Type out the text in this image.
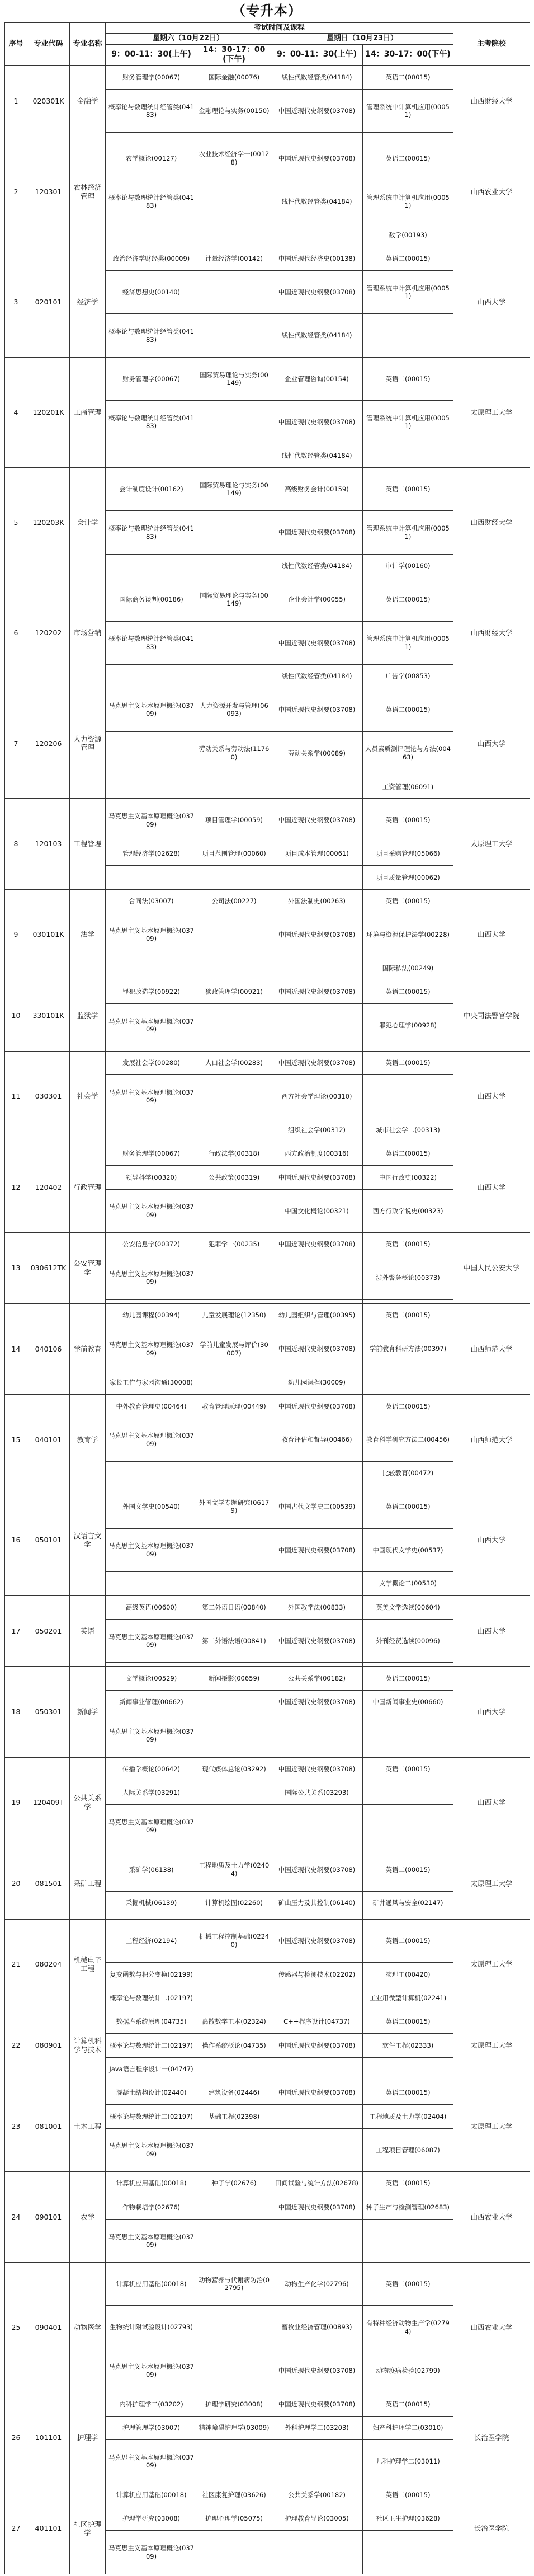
（专升本）
序号	专业代码	专业名称	考试时间及课程				主考院校
			星期六（10月22日）		星期日（10月23日）		
			9：00-11：30(上午)	14：30-17：00(下午)	9：00-11：30(上午)	14：30-17：00(下午)	
1	020301K	金融学	财务管理学(00067)	国际金融(00076)	线性代数经管类(04184)	英语二(00015)	山西财经大学
			概率论与数理统计经管类(04183)	金融理论与实务(00150)	中国近现代史纲要(03708)	管理系统中计算机应用(00051)	

2	120301	农林经济管理	农学概论(00127)	农业技术经济学一(00128)	中国近现代史纲要(03708)	英语二(00015)	山西农业大学
			概率论与数理统计经管类(04183)		线性代数经管类(04184)	管理系统中计算机应用(00051)	
						数学(00193)	
3	020101	经济学	政治经济学财经类(00009)	计量经济学(00142)	中国近现代经济史(00138)	英语二(00015)	山西大学
			经济思想史(00140)		中国近现代史纲要(03708)	管理系统中计算机应用(00051)	
			概率论与数理统计经管类(04183)		线性代数经管类(04184)		
4	120201K	工商管理	财务管理学(00067)	国际贸易理论与实务(00149)	企业管理咨询(00154)	英语二(00015)	太原理工大学
			概率论与数理统计经管类(04183)		中国近现代史纲要(03708)	管理系统中计算机应用(00051)	
					线性代数经管类(04184)		
5	120203K	会计学	会计制度设计(00162)	国际贸易理论与实务(00149)	高级财务会计(00159)	英语二(00015)	山西财经大学
			概率论与数理统计经管类(04183)		中国近现代史纲要(03708)	管理系统中计算机应用(00051)	
					线性代数经管类(04184)	审计学(00160)	
6	120202	市场营销	国际商务谈判(00186)	国际贸易理论与实务(00149)	企业会计学(00055)	英语二(00015)	山西财经大学
			概率论与数理统计经管类(04183)		中国近现代史纲要(03708)	管理系统中计算机应用(00051)	
					线性代数经管类(04184)	广告学(00853)	
7	120206	人力资源管理	马克思主义基本原理概论(03709)	人力资源开发与管理(06093)	中国近现代史纲要(03708)	英语二(00015)	山西大学
				劳动关系与劳动法(11760)	劳动关系学(00089)	人员素质测评理论与方法(00463)	
						工资管理(06091)	
8	120103	工程管理	马克思主义基本原理概论(03709)	项目管理学(00059)	中国近现代史纲要(03708)	英语二(00015)	太原理工大学
			管理经济学(02628)	项目范围管理(00060)	项目成本管理(00061)	项目采购管理(05066)	
						项目质量管理(00062)	
9	030101K	法学	合同法(03007)	公司法(00227)	外国法制史(00263)	英语二(00015)	山西大学
			马克思主义基本原理概论(03709)		中国近现代史纲要(03708)	环境与资源保护法学(00228)	
						国际私法(00249)	
10	330101K	监狱学	罪犯改造学(00922)	狱政管理学(00921)	中国近现代史纲要(03708)	英语二(00015)	中央司法警官学院
			马克思主义基本原理概论(03709)			罪犯心理学(00928)	

11	030301	社会学	发展社会学(00280)	人口社会学(00283)	中国近现代史纲要(03708)	英语二(00015)	山西大学
			马克思主义基本原理概论(03709)		西方社会学理论(00310)		
					组织社会学(00312)	城市社会学二(00313)	
12	120402	行政管理	财务管理学(00067)	行政法学(00318)	西方政治制度(00316)	英语二(00015)	山西大学
			领导科学(00320)	公共政策(00319)	中国近现代史纲要(03708)	中国行政史(00322)	
			马克思主义基本原理概论(03709)		中国文化概论(00321)	西方行政学说史(00323)	
13	030612TK	公安管理学	公安信息学(00372)	犯罪学一(00235)	中国近现代史纲要(03708)	英语二(00015)	中国人民公安大学
			马克思主义基本原理概论(03709)			涉外警务概论(00373)	

14	040106	学前教育	幼儿园课程(00394)	儿童发展理论(12350)	幼儿园组织与管理(00395)	英语二(00015)	山西师范大学
			马克思主义基本原理概论(03709)	学前儿童发展与评价(30007)	中国近现代史纲要(03708)	学前教育科研方法(00397)	
			家长工作与家园沟通(30008)		幼儿园课程(30009)		
15	040101	教育学	中外教育管理史(00464)	教育管理原理(00449)	中国近现代史纲要(03708)	英语二(00015)	山西师范大学
			马克思主义基本原理概论(03709)		教育评估和督导(00466)	教育科学研究方法二(00456)	
						比较教育(00472)	
16	050101	汉语言文学	外国文学史(00540)	外国文学专题研究(06179)	中国古代文学史二(00539)	英语二(00015)	山西大学
			马克思主义基本原理概论(03709)		中国近现代史纲要(03708)	中国现代文学史(00537)	
						文学概论二(00530)	
17	050201	英语	高级英语(00600)	第二外语日语(00840)	外国教学法(00833)	英美文学选读(00604)	山西大学
			马克思主义基本原理概论(03709)	第二外语法语(00841)	中国近现代史纲要(03708)	外刊经贸选读(00096)	

18	050301	新闻学	文学概论(00529)	新闻摄影(00659)	公共关系学(00182)	英语二(00015)	山西大学
			新闻事业管理(00662)		中国近现代史纲要(03708)	中国新闻事业史(00660)	
			马克思主义基本原理概论(03709)				
19	120409T	公共关系学	传播学概论(00642)	现代媒体总论(03292)	中国近现代史纲要(03708)	英语二(00015)	山西大学
			人际关系学(03291)		国际公共关系(03293)		
			马克思主义基本原理概论(03709)				
20	081501	采矿工程	采矿学(06138)	工程地质及土力学(02404)	中国近现代史纲要(03708)	英语二(00015)	太原理工大学
			采掘机械(06139)	计算机绘图(02260)	矿山压力及其控制(06140)	矿井通风与安全(02147)	

21	080204	机械电子工程	工程经济(02194)	机械工程控制基础(02240)	中国近现代史纲要(03708)	英语二(00015)	太原理工大学
			复变函数与积分变换(02199)		传感器与检测技术(02202)	物理工(00420)	
			概率论与数理统计二(02197)			工业用微型计算机(02241)	
22	080901	计算机科学与技术	数据库系统原理(04735)	离散数学工本(02324)	C++程序设计(04737)	英语二(00015)	太原理工大学
			概率论与数理统计二(02197)	操作系统概论(04735)	中国近现代史纲要(03708)	软件工程(02333)	
			Java语言程序设计一(04747)				
23	081001	土木工程	混凝土结构设计(02440)	建筑设备(02446)	中国近现代史纲要(03708)	英语二(00015)	太原理工大学
			概率论与数理统计二(02197)	基础工程(02398)		工程地质及土力学(02404)	
			马克思主义基本原理概论(03709)			工程项目管理(06087)	
24	090101	农学	计算机应用基础(00018)	种子学(02676)	田间试验与统计方法(02678)	英语二(00015)	山西农业大学
			作物栽培学(02676)		中国近现代史纲要(03708)	种子生产与检测管理(02683)	
			马克思主义基本原理概论(03709)				
25	090401	动物医学	计算机应用基础(00018)	动物营养与代谢病防治(02795)	动物生产化学(02796)	英语二(00015)	山西农业大学
			生物统计附试验设计(02793)		畜牧业经济管理(00893)	有特种经济动物生产学(02794)	
			马克思主义基本原理概论(03709)		中国近现代史纲要(03708)	动物疫病检验(02799)	
26	101101	护理学	内科护理学二(03202)	护理学研究(03008)	中国近现代史纲要(03708)	英语二(00015)	长治医学院
			护理管理学(03007)	精神障碍护理学(03009)	外科护理学二(03203)	妇产科护理学二(03010)	
			马克思主义基本原理概论(03709)			儿科护理学二(03011)	
27	401101	社区护理学	计算机应用基础(00018)	社区康复护理(03626)	公共关系学(00182)	英语二(00015)	长治医学院
			护理学研究(03008)	护理心理学(05075)	护理教育导论(03005)	社区卫生护理(03628)	
			马克思主义基本原理概论(03709)				
